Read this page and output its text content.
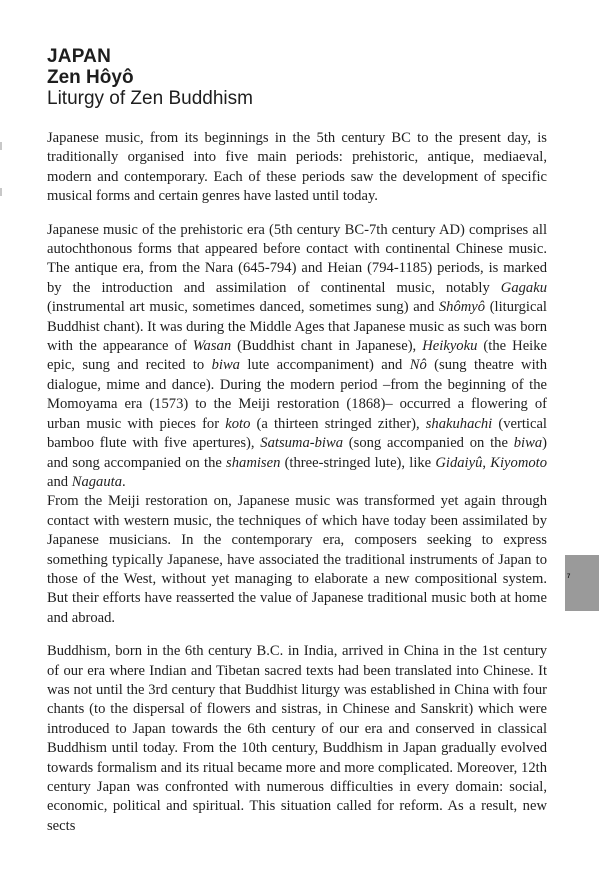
JAPAN
Zen Hôyô
Liturgy of Zen Buddhism

Japanese music, from its beginnings in the 5th century BC to the present day, is traditionally organised into five main periods: prehistoric, antique, mediaeval, modern and contemporary. Each of these periods saw the development of specific musical forms and certain genres have lasted until today.

Japanese music of the prehistoric era (5th century BC-7th century AD) comprises all autochthonous forms that appeared before contact with continental Chinese music. The antique era, from the Nara (645-794) and Heian (794-1185) periods, is marked by the introduction and assimilation of continental music, notably Gagaku (instrumental art music, sometimes danced, sometimes sung) and Shômyô (liturgical Buddhist chant). It was during the Middle Ages that Japanese music as such was born with the appearance of Wasan (Buddhist chant in Japanese), Heikyoku (the Heike epic, sung and recited to biwa lute accompaniment) and Nô (sung theatre with dialogue, mime and dance). During the modern period –from the beginning of the Momoyama era (1573) to the Meiji restoration (1868)– occurred a flowering of urban music with pieces for koto (a thirteen stringed zither), shakuhachi (vertical bamboo flute with five apertures), Satsuma-biwa (song accompanied on the biwa) and song accompanied on the shamisen (three-stringed lute), like Gidaiyû, Kiyomoto and Nagauta.

From the Meiji restoration on, Japanese music was transformed yet again through contact with western music, the techniques of which have today been assimilated by Japanese musicians. In the contemporary era, composers seeking to express something typically Japanese, have associated the traditional instruments of Japan to those of the West, without yet managing to elaborate a new compositional system. But their efforts have reasserted the value of Japanese traditional music both at home and abroad.

Buddhism, born in the 6th century B.C. in India, arrived in China in the 1st century of our era where Indian and Tibetan sacred texts had been translated into Chinese. It was not until the 3rd century that Buddhist liturgy was established in China with four chants (to the dispersal of flowers and sistras, in Chinese and Sanskrit) which were introduced to Japan towards the 6th century of our era and conserved in classical Buddhism until today. From the 10th century, Buddhism in Japan gradually evolved towards formalism and its ritual became more and more complicated. Moreover, 12th century Japan was confronted with numerous difficulties in every domain: social, economic, political and spiritual. This situation called for reform. As a result, new sects

7
